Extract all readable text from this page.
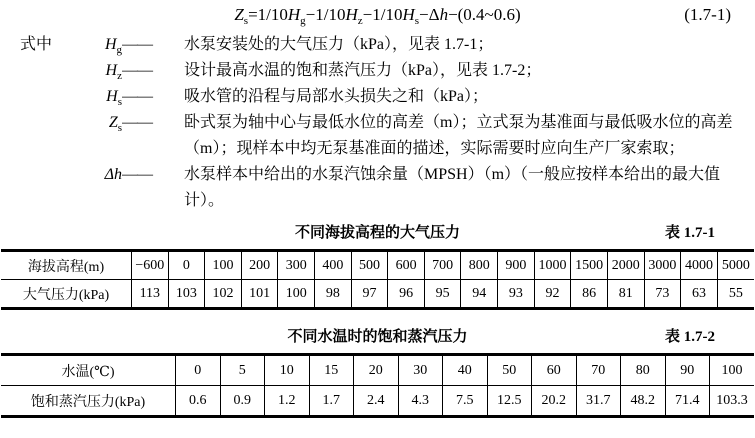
$Z_s=1/10H_g-1/10H_z-1/10H_s-\Delta h-(0.4\sim 0.6)$	(1.7-1)
式中	$H_g$ ——	水泵安装处的大气压力（kPa），见表 1.7-1；
$H_z$ ——	设计最高水温的饱和蒸汽压力（kPa），见表 1.7-2；
$H_s$ ——	吸水管的沿程与局部水头损失之和（kPa）；
$Z_s$ ——	卧式泵为轴中心与最低水位的高差（m）；立式泵为基准面与最低吸水位的高差（m）；现样本中均无泵基准面的描述，实际需要时应向生产厂家索取；
Δh ——	水泵样本中给出的水泵汽蚀余量（MPSH）（m）（一般应按样本给出的最大值计）。
不同海拔高程的大气压力	表 1.7-1
海拔高程(m)	−600	0	100	200	300	400	500	600	700	800	900	1000	1500	2000	3000	4000	5000
大气压力(kPa)	113	103	102	101	100	98	97	96	95	94	93	92	86	81	73	63	55
不同水温时的饱和蒸汽压力	表 1.7-2
水温(℃)	0	5	10	15	20	30	40	50	60	70	80	90	100
饱和蒸汽压力(kPa)	0.6	0.9	1.2	1.7	2.4	4.3	7.5	12.5	20.2	31.7	48.2	71.4	103.3
